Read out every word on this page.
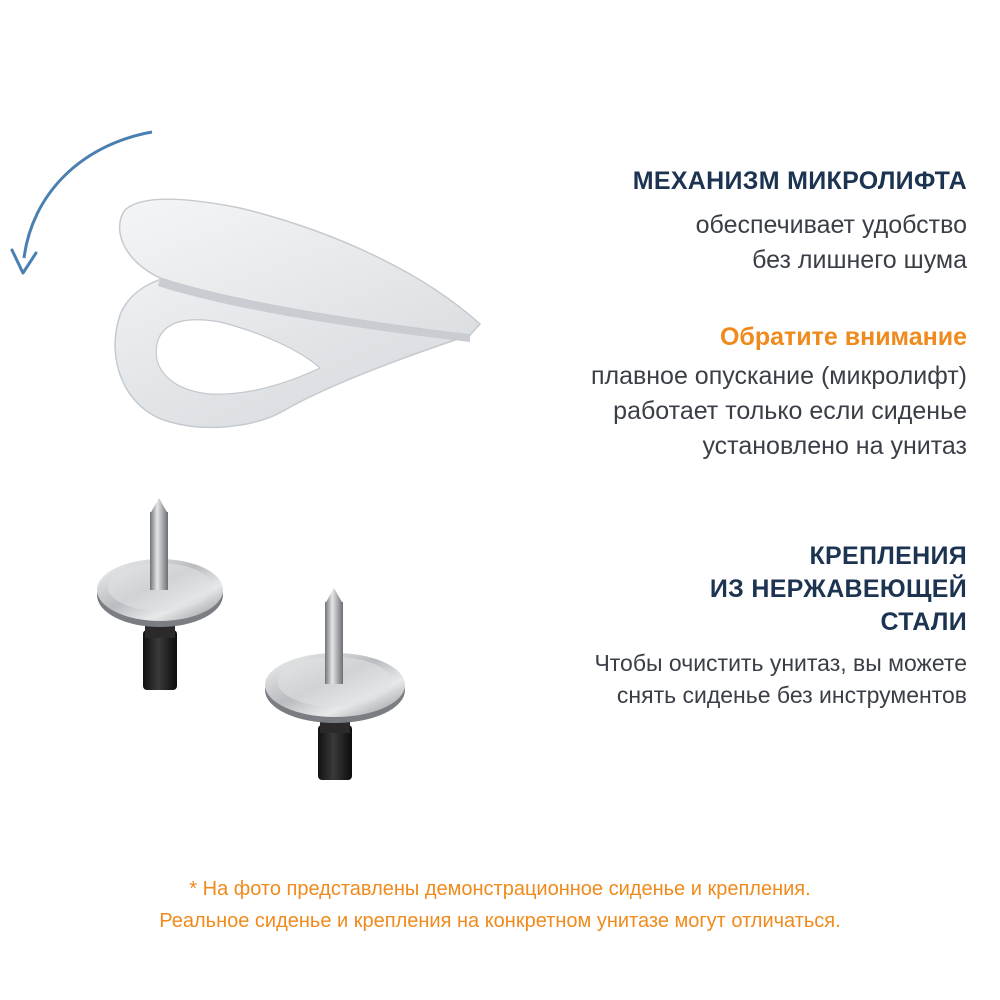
МЕХАНИЗМ МИКРОЛИФТА

обеспечивает удобство
без лишнего шума

Обратите внимание

плавное опускание (микролифт)
работает только если сиденье
установлено на унитаз

КРЕПЛЕНИЯ
ИЗ НЕРЖАВЕЮЩЕЙ
СТАЛИ

Чтобы очистить унитаз, вы можете
снять сиденье без инструментов

* На фото представлены демонстрационное сиденье и крепления.
Реальное сиденье и крепления на конкретном унитазе могут отличаться.
